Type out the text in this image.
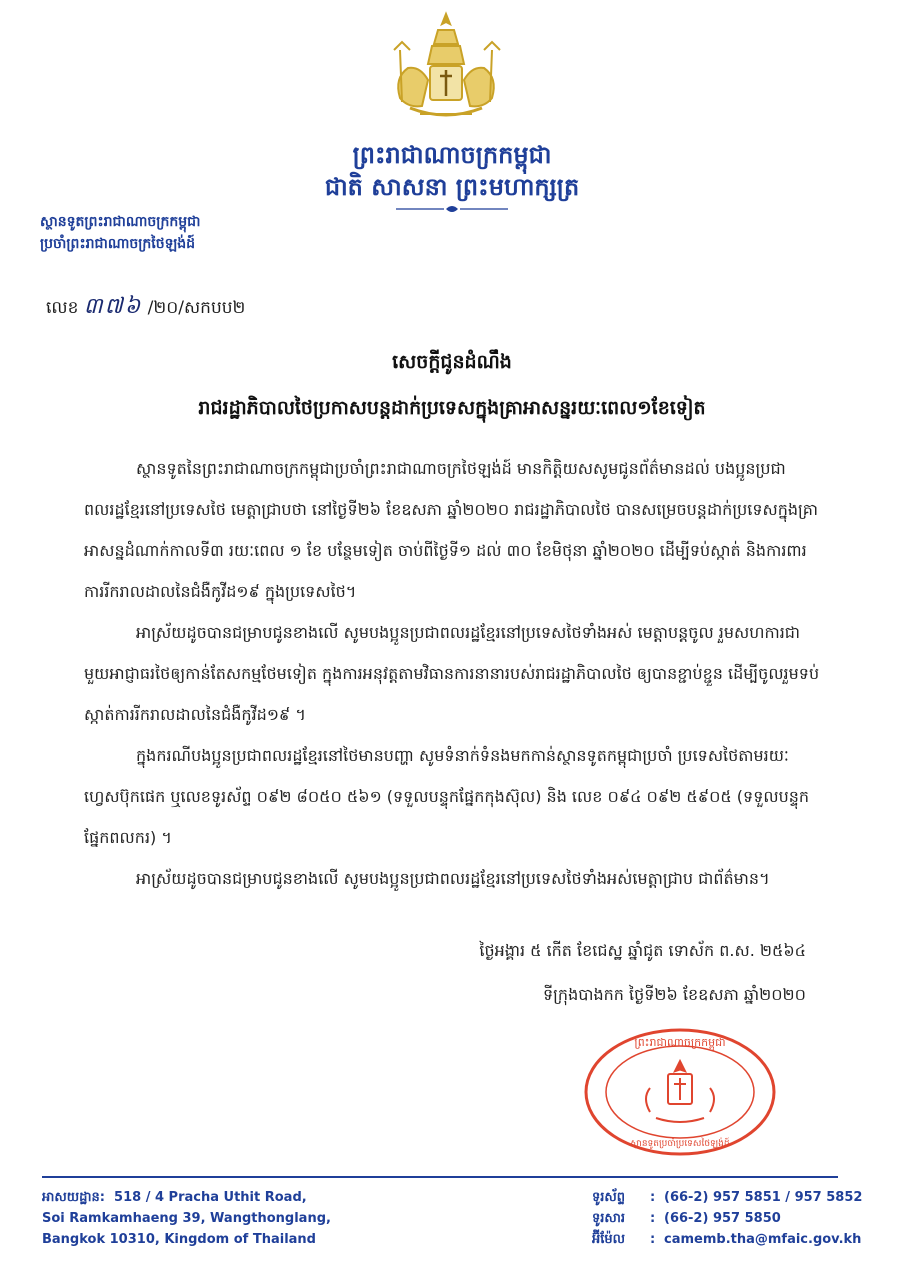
ព្រះរាជាណាចក្រកម្ពុជា
ជាតិ សាសនា ព្រះមហាក្សត្រ
ស្ថានទូតព្រះរាជាណាចក្រកម្ពុជា
ប្រចាំព្រះរាជាណាចក្រថៃឡង់ដ៍
លេខ ៣៧៦ /២០/សកបប២
សេចក្តីជូនដំណឹង
រាជរដ្ឋាភិបាលថៃប្រកាសបន្តដាក់ប្រទេសក្នុងគ្រាអាសន្នរយៈពេល១ខែទៀត
ស្ថានទូតនៃព្រះរាជាណាចក្រកម្ពុជាប្រចាំព្រះរាជាណាចក្រថៃឡង់ដ៍ មានកិត្តិយសសូមជូនព័ត៌មានដល់ បងប្អូនប្រជាពលរដ្ឋខ្មែរនៅប្រទេសថៃ មេត្តាជ្រាបថា នៅថ្ងៃទី២៦ ខែឧសភា ឆ្នាំ២០២០ រាជរដ្ឋាភិបាលថៃ បានសម្រេចបន្តដាក់ប្រទេសក្នុងគ្រាអាសន្នដំណាក់កាលទី៣ រយៈពេល ១ ខែ បន្ថែមទៀត ចាប់ពីថ្ងៃទី១ ដល់ ៣០ ខែមិថុនា ឆ្នាំ២០២០ ដើម្បីទប់ស្កាត់ និងការពារការរីករាលដាលនៃជំងឺកូវីដ១៩ ក្នុងប្រទេសថៃ។
អាស្រ័យដូចបានជម្រាបជូនខាងលើ សូមបងប្អូនប្រជាពលរដ្ឋខ្មែរនៅប្រទេសថៃទាំងអស់ មេត្តាបន្តចូល រួមសហការជាមួយអាជ្ញាធរថៃឲ្យកាន់តែសកម្មថែមទៀត ក្នុងការអនុវត្តតាមវិធានការនានារបស់រាជរដ្ឋាភិបាលថៃ ឲ្យបានខ្ជាប់ខ្ជួន ដើម្បីចូលរួមទប់ស្កាត់ការរីករាលដាលនៃជំងឺកូវីដ១៩ ។
ក្នុងករណីបងប្អូនប្រជាពលរដ្ឋខ្មែរនៅថៃមានបញ្ហា សូមទំនាក់ទំនងមកកាន់ស្ថានទូតកម្ពុជាប្រចាំ ប្រទេសថៃតាមរយៈហ្វេសប៊ុកផេក ឬលេខទូរស័ព្ទ ០៩២ ៨០៥០ ៥៦១ (ទទួលបន្ទុកផ្នែកកុងស៊ុល) និង លេខ ០៩៤ ០៩២ ៥៩០៥ (ទទួលបន្ទុកផ្នែកពលករ) ។
អាស្រ័យដូចបានជម្រាបជូនខាងលើ សូមបងប្អូនប្រជាពលរដ្ឋខ្មែរនៅប្រទេសថៃទាំងអស់មេត្តាជ្រាប ជាព័ត៌មាន។
ថ្ងៃអង្គារ ៥ កើត ខែជេស្ឋ ឆ្នាំជូត ទោស័ក ព.ស. ២៥៦៤
ទីក្រុងបាងកក ថ្ងៃទី២៦ ខែឧសភា ឆ្នាំ២០២០
ព្រះរាជាណាចក្រកម្ពុជា
ស្ថានទូតប្រចាំប្រទេសថៃឡង់ដ៍
អាសយដ្ឋាន: 518 / 4 Pracha Uthit Road,
Soi Ramkamhaeng 39, Wangthonglang,
Bangkok 10310, Kingdom of Thailand
ទូរស័ព្ទ : (66-2) 957 5851 / 957 5852
ទូរសារ : (66-2) 957 5850
អ៊ីម៉ែល : camemb.tha@mfaic.gov.kh
